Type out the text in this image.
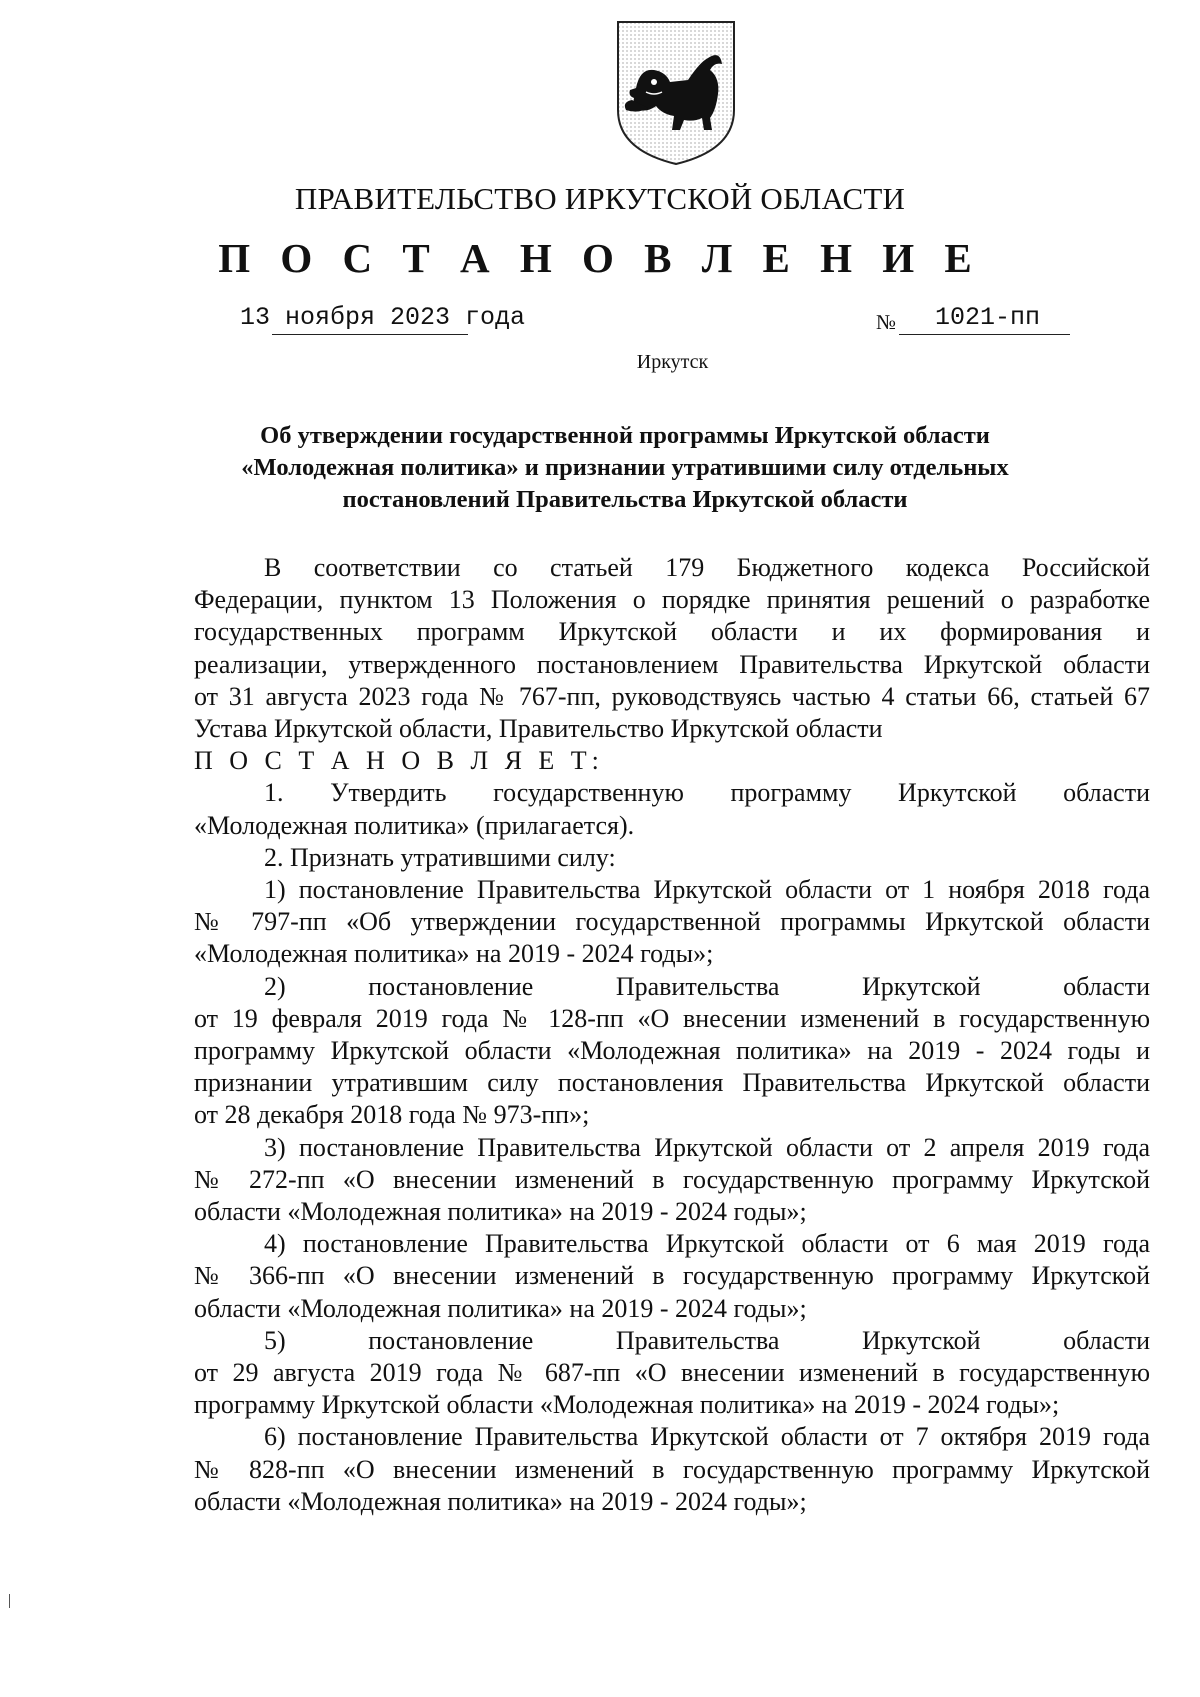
ПРАВИТЕЛЬСТВО ИРКУТСКОЙ ОБЛАСТИ
П О С Т А Н О В Л Е Н И Е
13 ноября 2023 года	№ 1021-пп
Иркутск
Об утверждении государственной программы Иркутской области
«Молодежная политика» и признании утратившими силу отдельных
постановлений Правительства Иркутской области

В соответствии со статьей 179 Бюджетного кодекса Российской

Федерации, пунктом 13 Положения о порядке принятия решений о разработке

государственных программ Иркутской области и их формирования и

реализации, утвержденного постановлением Правительства Иркутской области

от 31 августа 2023 года № 767-пп, руководствуясь частью 4 статьи 66, статьей 67

Устава Иркутской области, Правительство Иркутской области

П О С Т А Н О В Л Я Е Т:

1. Утвердить государственную программу Иркутской области

«Молодежная политика» (прилагается).

2. Признать утратившими силу:

1) постановление Правительства Иркутской области от 1 ноября 2018 года

№ 797-пп «Об утверждении государственной программы Иркутской области

«Молодежная политика» на 2019 - 2024 годы»;

2) постановление Правительства Иркутской области

от 19 февраля 2019 года № 128-пп «О внесении изменений в государственную

программу Иркутской области «Молодежная политика» на 2019 - 2024 годы и

признании утратившим силу постановления Правительства Иркутской области

от 28 декабря 2018 года № 973-пп»;

3) постановление Правительства Иркутской области от 2 апреля 2019 года

№ 272-пп «О внесении изменений в государственную программу Иркутской

области «Молодежная политика» на 2019 - 2024 годы»;

4) постановление Правительства Иркутской области от 6 мая 2019 года

№ 366-пп «О внесении изменений в государственную программу Иркутской

области «Молодежная политика» на 2019 - 2024 годы»;

5) постановление Правительства Иркутской области

от 29 августа 2019 года № 687-пп «О внесении изменений в государственную

программу Иркутской области «Молодежная политика» на 2019 - 2024 годы»;

6) постановление Правительства Иркутской области от 7 октября 2019 года

№ 828-пп «О внесении изменений в государственную программу Иркутской

области «Молодежная политика» на 2019 - 2024 годы»;
